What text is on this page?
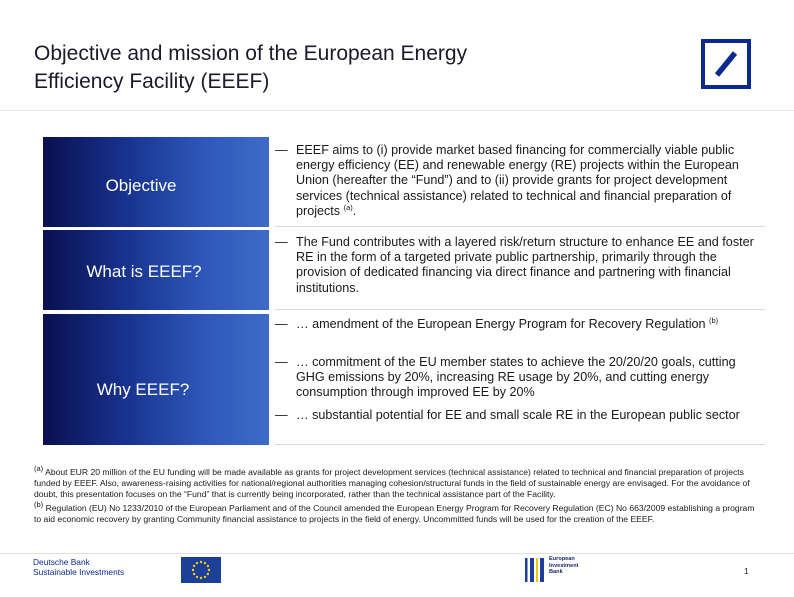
Objective and mission of the European Energy
Efficiency Facility (EEEF)
Objective
— EEEF aims to (i) provide market based financing for commercially viable public energy efficiency (EE) and renewable energy (RE) projects within the European Union (hereafter the “Fund”) and to (ii) provide grants for project development services (technical assistance) related to technical and financial preparation of projects $^{(a)}$.
What is EEEF?
— The Fund contributes with a layered risk/return structure to enhance EE and foster RE in the form of a targeted private public partnership, primarily through the provision of dedicated financing via direct finance and partnering with financial institutions.
Why EEEF?
— … amendment of the European Energy Program for Recovery Regulation $^{(b)}$
— … commitment of the EU member states to achieve the 20/20/20 goals, cutting GHG emissions by 20%, increasing RE usage by 20%, and cutting energy consumption through improved EE by 20%
— … substantial potential for EE and small scale RE in the European public sector

$^{(a)}$ About EUR 20 million of the EU funding will be made available as grants for project development services (technical assistance) related to technical and financial preparation of projects funded by EEEF. Also, awareness-raising activities for national/regional authorities managing cohesion/structural funds in the field of sustainable energy are envisaged. For the avoidance of doubt, this presentation focuses on the “Fund” that is currently being incorporated, rather than the technical assistance part of the Facility.

$^{(b)}$ Regulation (EU) No 1233/2010 of the European Parliament and of the Council amended the European Energy Program for Recovery Regulation (EC) No 663/2009 establishing a program to aid economic recovery by granting Community financial assistance to projects in the field of energy. Uncommitted funds will be used for the creation of the EEEF.

Deutsche Bank
Sustainable Investments
European
Investment
Bank	1
